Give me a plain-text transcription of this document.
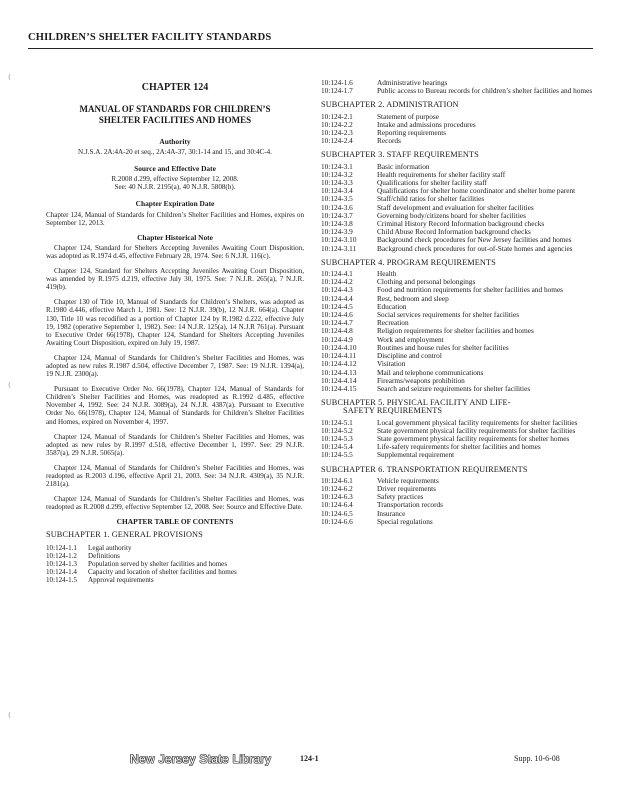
CHILDREN’S SHELTER FACILITY STANDARDS
⁽
⁽
⁽
CHAPTER 124
MANUAL OF STANDARDS FOR CHILDREN’S
SHELTER FACILITIES AND HOMES
Authority
N.J.S.A. 2A:4A-20 et seq., 2A:4A-37, 30:1-14 and 15, and 30:4C-4.
Source and Effective Date
R.2008 d.299, effective September 12, 2008.
See: 40 N.J.R. 2195(a), 40 N.J.R. 5808(b).
Chapter Expiration Date
Chapter 124, Manual of Standards for Children’s Shelter Facilities and Homes, expires on September 12, 2013.
Chapter Historical Note
Chapter 124, Standard for Shelters Accepting Juveniles Awaiting Court Disposition, was adopted as R.1974 d.45, effective February 28, 1974. See: 6 N.J.R. 116(c).
Chapter 124, Standard for Shelters Accepting Juveniles Awaiting Court Disposition, was amended by R.1975 d.219, effective July 30, 1975. See: 7 N.J.R. 265(a), 7 N.J.R. 419(b).
Chapter 130 of Title 10, Manual of Standards for Children’s Shelters, was adopted as R.1980 d.446, effective March 1, 1981. See: 12 N.J.R. 39(b), 12 N.J.R. 664(a). Chapter 130, Title 10 was recodified as a portion of Chapter 124 by R.1982 d.222, effective July 19, 1982 (operative September 1, 1982). See: 14 N.J.R. 125(a), 14 N.J.R 761(a). Pursuant to Executive Order 66(1978), Chapter 124, Standard for Shelters Accepting Juveniles Awaiting Court Disposition, expired on July 19, 1987.
Chapter 124, Manual of Standards for Children’s Shelter Facilities and Homes, was adopted as new rules R.1987 d.504, effective December 7, 1987. See: 19 N.J.R. 1394(a), 19 N.J.R. 2300(a).
Pursuant to Executive Order No. 66(1978), Chapter 124, Manual of Standards for Children’s Shelter Facilities and Homes, was readopted as R.1992 d.485, effective November 4, 1992. See: 24 N.J.R. 3089(a), 24 N.J.R. 4387(a). Pursuant to Executive Order No. 66(1978), Chapter 124, Manual of Standards for Children’s Shelter Facilities and Homes, expired on November 4, 1997.
Chapter 124, Manual of Standards for Children’s Shelter Facilities and Homes, was adopted as new rules by R.1997 d.518, effective December 1, 1997. See: 29 N.J.R. 3587(a), 29 N.J.R. 5065(a).
Chapter 124, Manual of Standards for Children’s Shelter Facilities and Homes, was readopted as R.2003 d.196, effective April 21, 2003. See: 34 N.J.R. 4309(a), 35 N.J.R. 2181(a).
Chapter 124, Manual of Standards for Children’s Shelter Facilities and Homes, was readopted as R.2008 d.299, effective September 12, 2008. See: Source and Effective Date.
CHAPTER TABLE OF CONTENTS
SUBCHAPTER 1. GENERAL PROVISIONS
10:124-1.1	Legal authority
10:124-1.2	Definitions
10:124-1.3	Population served by shelter facilities and homes
10:124-1.4	Capacity and location of shelter facilities and homes
10:124-1.5	Approval requirements
10:124-1.6	Administrative hearings
10:124-1.7	Public access to Bureau records for children’s shelter facilities and homes
SUBCHAPTER 2. ADMINISTRATION
10:124-2.1	Statement of purpose
10:124-2.2	Intake and admissions procedures
10:124-2.3	Reporting requirements
10:124-2.4	Records
SUBCHAPTER 3. STAFF REQUIREMENTS
10:124-3.1	Basic information
10:124-3.2	Health requirements for shelter facility staff
10:124-3.3	Qualifications for shelter facility staff
10:124-3.4	Qualifications for shelter home coordinator and shelter home parent
10:124-3.5	Staff/child ratios for shelter facilities
10:124-3.6	Staff development and evaluation for shelter facilities
10:124-3.7	Governing body/citizens board for shelter facilities
10:124-3.8	Criminal History Record Information background checks
10:124-3.9	Child Abuse Record Information background checks
10:124-3.10	Background check procedures for New Jersey facilities and homes
10:124-3.11	Background check procedures for out-of-State homes and agencies
SUBCHAPTER 4. PROGRAM REQUIREMENTS
10:124-4.1	Health
10:124-4.2	Clothing and personal belongings
10:124-4.3	Food and nutrition requirements for shelter facilities and homes
10:124-4.4	Rest, bedroom and sleep
10:124-4.5	Education
10:124-4.6	Social services requirements for shelter facilities
10:124-4.7	Recreation
10:124-4.8	Religion requirements for shelter facilities and homes
10:124-4.9	Work and employment
10:124-4.10	Routines and house rules for shelter facilities
10:124-4.11	Discipline and control
10:124-4.12	Visitation
10:124-4.13	Mail and telephone communications
10:124-4.14	Firearms/weapons prohibition
10:124-4.15	Search and seizure requirements for shelter facilities
SUBCHAPTER 5. PHYSICAL FACILITY AND LIFE-
SAFETY REQUIREMENTS
10:124-5.1	Local government physical facility requirements for shelter facilities
10:124-5.2	State government physical facility requirements for shelter facilities
10:124-5.3	State government physical facility requirements for shelter homes
10:124-5.4	Life-safety requirements for shelter facilities and homes
10:124-5.5	Supplemental requirement
SUBCHAPTER 6. TRANSPORTATION REQUIREMENTS
10:124-6.1	Vehicle requirements
10:124-6.2	Driver requirements
10:124-6.3	Safety practices
10:124-6.4	Transportation records
10:124-6.5	Insurance
10:124-6.6	Special regulations
New Jersey State Library	124-1	Supp. 10-6-08
